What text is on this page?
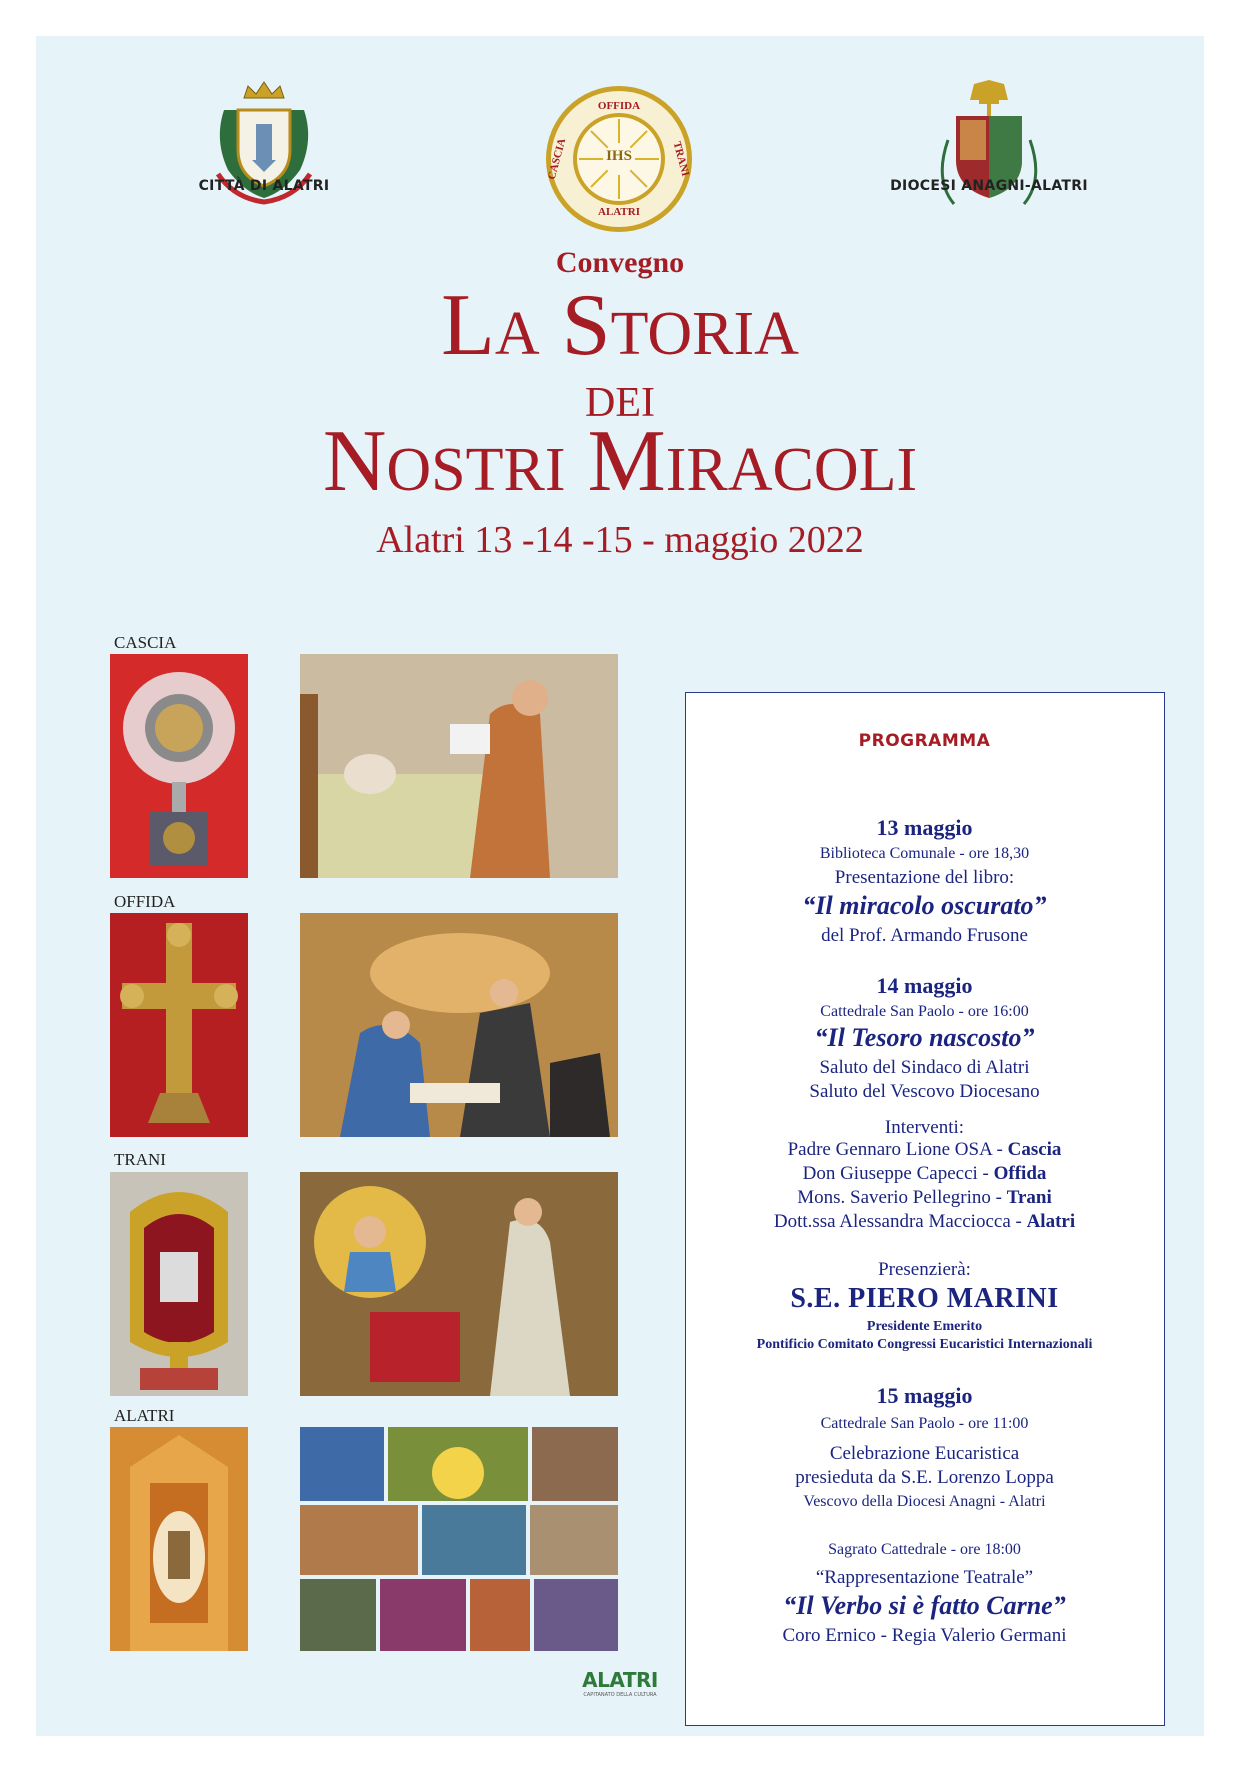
CITTÀ DI ALATRI
IHS
OFFIDA
ALATRI
CASCIA	TRANI
DIOCESI ANAGNI-ALATRI
Convegno
La Storia
dei
Nostri Miracoli
Alatri 13 -14 -15 - maggio 2022
CASCIA
OFFIDA
TRANI
ALATRI
PROGRAMMA
13 maggio
Biblioteca Comunale - ore 18,30
Presentazione del libro:
“Il miracolo oscurato”
del Prof. Armando Frusone
14 maggio
Cattedrale San Paolo - ore 16:00
“Il Tesoro nascosto”
Saluto del Sindaco di Alatri
Saluto del Vescovo Diocesano
Interventi:
Padre Gennaro Lione OSA - Cascia
Don Giuseppe Capecci - Offida
Mons. Saverio Pellegrino - Trani
Dott.ssa Alessandra Macciocca - Alatri
Presenzierà:
S.E. PIERO MARINI
Presidente Emerito
Pontificio Comitato Congressi Eucaristici Internazionali
15 maggio
Cattedrale San Paolo - ore 11:00
Celebrazione Eucaristica
presieduta da S.E. Lorenzo Loppa
Vescovo della Diocesi Anagni - Alatri
Sagrato Cattedrale - ore 18:00
“Rappresentazione Teatrale”
“Il Verbo si è fatto Carne”
Coro Ernico - Regia Valerio Germani
ALATRI
CAPITANATO DELLA CULTURA
